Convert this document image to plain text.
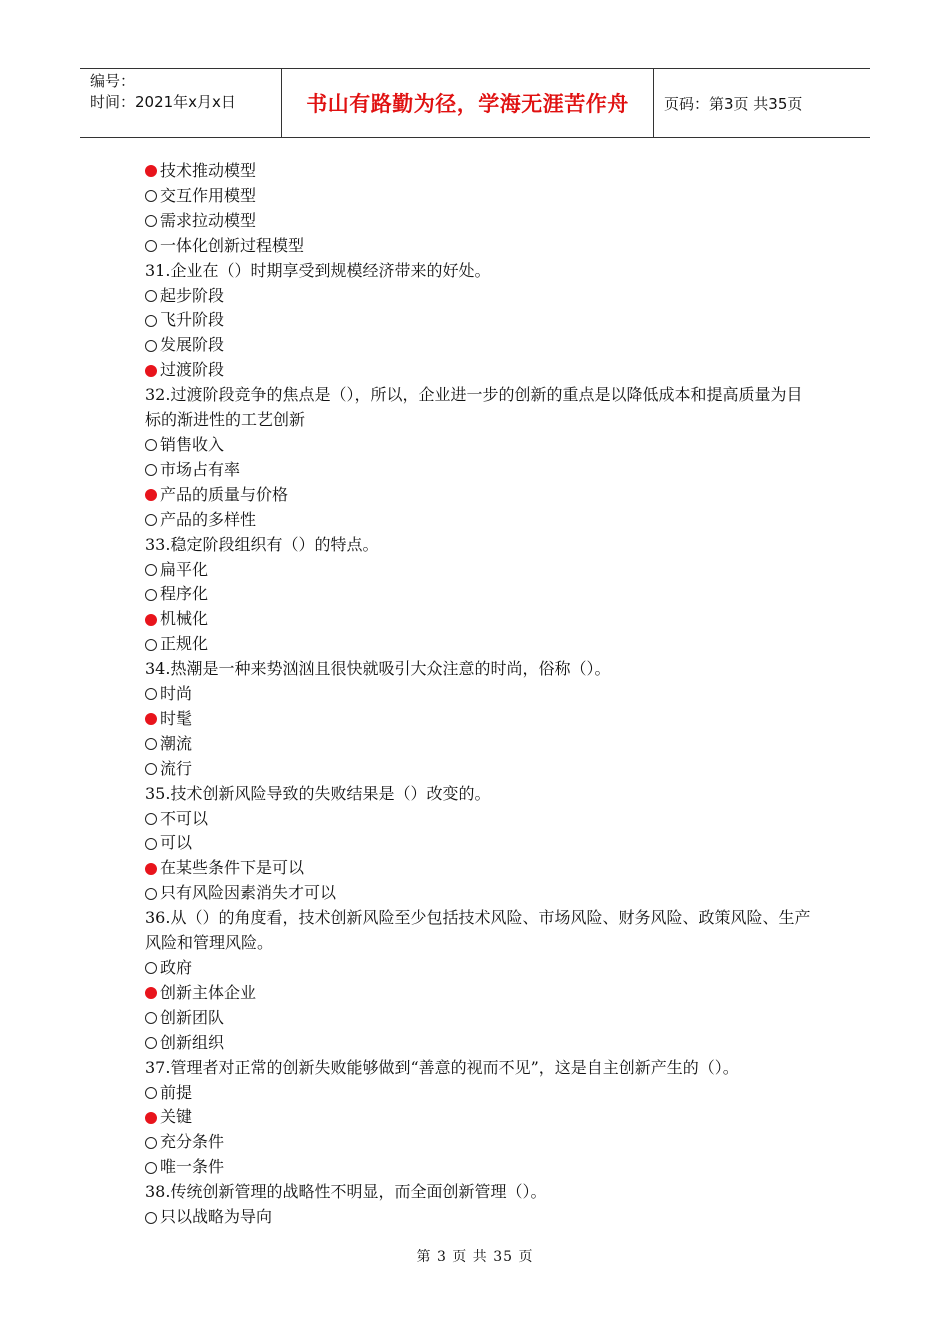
编号：
时间：2021年x月x日	书山有路勤为径，学海无涯苦作舟	页码：第3页 共35页
技术推动模型
交互作用模型
需求拉动模型
一体化创新过程模型
31.企业在（）时期享受到规模经济带来的好处。
起步阶段
飞升阶段
发展阶段
过渡阶段
32.过渡阶段竞争的焦点是（），所以，企业进一步的创新的重点是以降低成本和提高质量为目标的渐进性的工艺创新
销售收入
市场占有率
产品的质量与价格
产品的多样性
33.稳定阶段组织有（）的特点。
扁平化
程序化
机械化
正规化
34.热潮是一种来势汹汹且很快就吸引大众注意的时尚，俗称（）。
时尚
时髦
潮流
流行
35.技术创新风险导致的失败结果是（）改变的。
不可以
可以
在某些条件下是可以
只有风险因素消失才可以
36.从（）的角度看，技术创新风险至少包括技术风险、市场风险、财务风险、政策风险、生产风险和管理风险。
政府
创新主体企业
创新团队
创新组织
37.管理者对正常的创新失败能够做到“善意的视而不见”，这是自主创新产生的（）。
前提
关键
充分条件
唯一条件
38.传统创新管理的战略性不明显，而全面创新管理（）。
只以战略为导向
第 3 页 共 35 页
